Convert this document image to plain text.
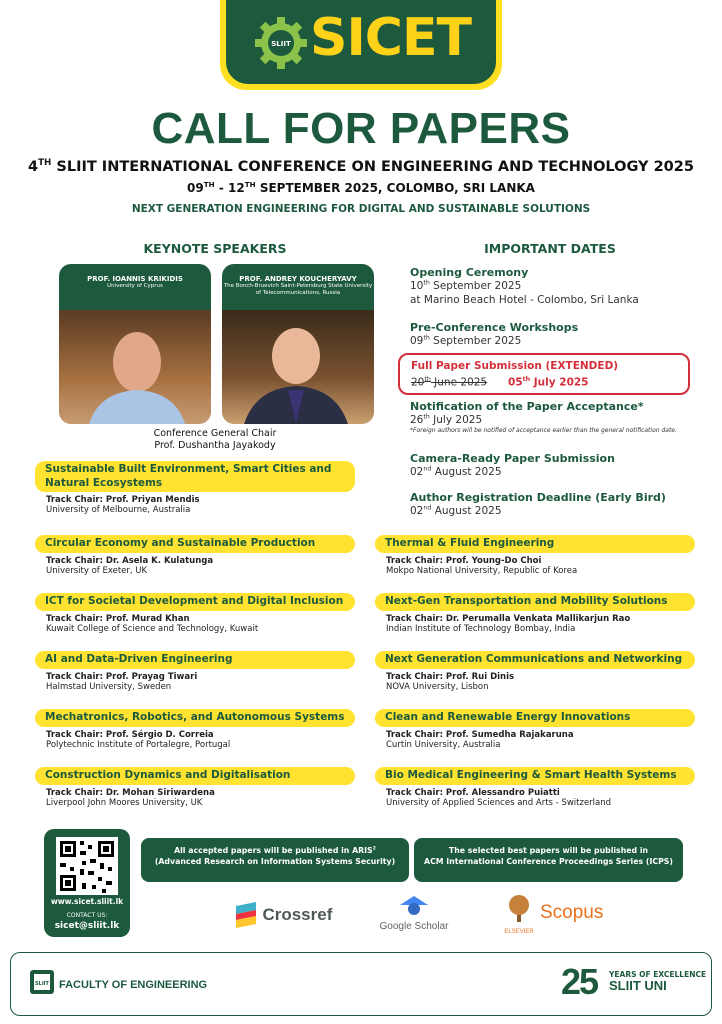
SLIIT SICET
CALL FOR PAPERS
4TH SLIIT INTERNATIONAL CONFERENCE ON ENGINEERING AND TECHNOLOGY 2025
09TH - 12TH SEPTEMBER 2025, COLOMBO, SRI LANKA
NEXT GENERATION ENGINEERING FOR DIGITAL AND SUSTAINABLE SOLUTIONS
KEYNOTE SPEAKERS
PROF. IOANNIS KRIKIDIS
University of Cyprus
PROF. ANDREY KOUCHERYAVY
The Bonch-Bruevich Saint-Petersburg State University of Telecommunications, Russia
Conference General Chair
Prof. Dushantha Jayakody
IMPORTANT DATES
Opening Ceremony
10th September 2025
at Marino Beach Hotel - Colombo, Sri Lanka
Pre-Conference Workshops
09th September 2025
Full Paper Submission (EXTENDED)
20th June 2025 05th July 2025
Notification of the Paper Acceptance*
26th July 2025
*Foreign authors will be notified of acceptance earlier than the general notification date.
Camera-Ready Paper Submission
02nd August 2025
Author Registration Deadline (Early Bird)
02nd August 2025
Sustainable Built Environment, Smart Cities and Natural Ecosystems
Track Chair: Prof. Priyan Mendis
University of Melbourne, Australia
Circular Economy and Sustainable Production
Track Chair: Dr. Asela K. Kulatunga
University of Exeter, UK
ICT for Societal Development and Digital Inclusion
Track Chair: Prof. Murad Khan
Kuwait College of Science and Technology, Kuwait
AI and Data-Driven Engineering
Track Chair: Prof. Prayag Tiwari
Halmstad University, Sweden
Mechatronics, Robotics, and Autonomous Systems
Track Chair: Prof. Sérgio D. Correia
Polytechnic Institute of Portalegre, Portugal
Construction Dynamics and Digitalisation
Track Chair: Dr. Mohan Siriwardena
Liverpool John Moores University, UK
Thermal & Fluid Engineering
Track Chair: Prof. Young-Do Choi
Mokpo National University, Republic of Korea
Next-Gen Transportation and Mobility Solutions
Track Chair: Dr. Perumalla Venkata Mallikarjun Rao
Indian Institute of Technology Bombay, India
Next Generation Communications and Networking
Track Chair: Prof. Rui Dinis
NOVA University, Lisbon
Clean and Renewable Energy Innovations
Track Chair: Prof. Sumedha Rajakaruna
Curtin University, Australia
Bio Medical Engineering & Smart Health Systems
Track Chair: Prof. Alessandro Puiatti
University of Applied Sciences and Arts - Switzerland
www.sicet.sliit.lk
CONTACT US:
sicet@sliit.lk
All accepted papers will be published in ARIS$^2$
(Advanced Research on Information Systems Security)
The selected best papers will be published in
ACM International Conference Proceedings Series (ICPS)
Crossref
Google Scholar	ELSEVIER
Scopus
SLIIT FACULTY OF ENGINEERING	25 YEARS OF EXCELLENCE
SLIIT UNI
